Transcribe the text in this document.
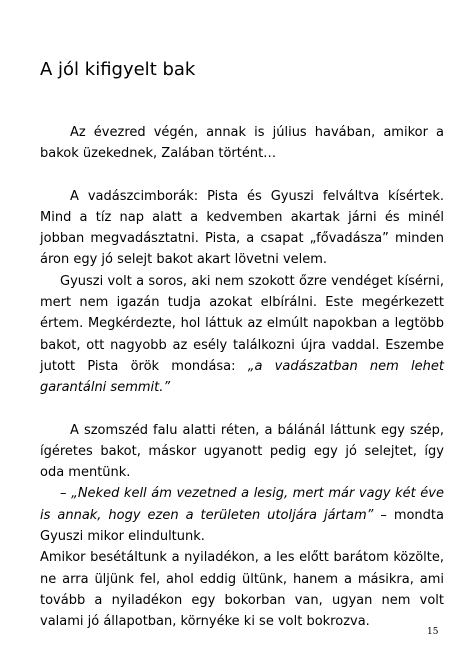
A jól kifigyelt bak

Az évezred végén, annak is július havában, amikor a bakok üzekednek, Zalában történt…

A vadászcimborák: Pista és Gyuszi felváltva kísértek. Mind a tíz nap alatt a kedvemben akartak járni és minél jobban megvadásztatni. Pista, a csapat „fővadásza” minden áron egy jó selejt bakot akart lövetni velem.

Gyuszi volt a soros, aki nem szokott őzre vendéget kísérni, mert nem igazán tudja azokat elbírálni. Este megérkezett értem. Megkérdezte, hol láttuk az elmúlt napokban a legtöbb bakot, ott nagyobb az esély találkozni újra vaddal. Eszembe jutott Pista örök mondása: „a vadászatban nem lehet garantálni semmit.”

A szomszéd falu alatti réten, a bálánál láttunk egy szép, ígéretes bakot, máskor ugyanott pedig egy jó selejtet, így oda mentünk.

– „Neked kell ám vezetned a lesig, mert már vagy két éve is annak, hogy ezen a területen utoljára jártam” – mondta Gyuszi mikor elindultunk.

Amikor besétáltunk a nyiladékon, a les előtt barátom közölte, ne arra üljünk fel, ahol eddig ültünk, hanem a másikra, ami tovább a nyiladékon egy bokorban van, ugyan nem volt valami jó állapotban, környéke ki se volt bokrozva.

15
